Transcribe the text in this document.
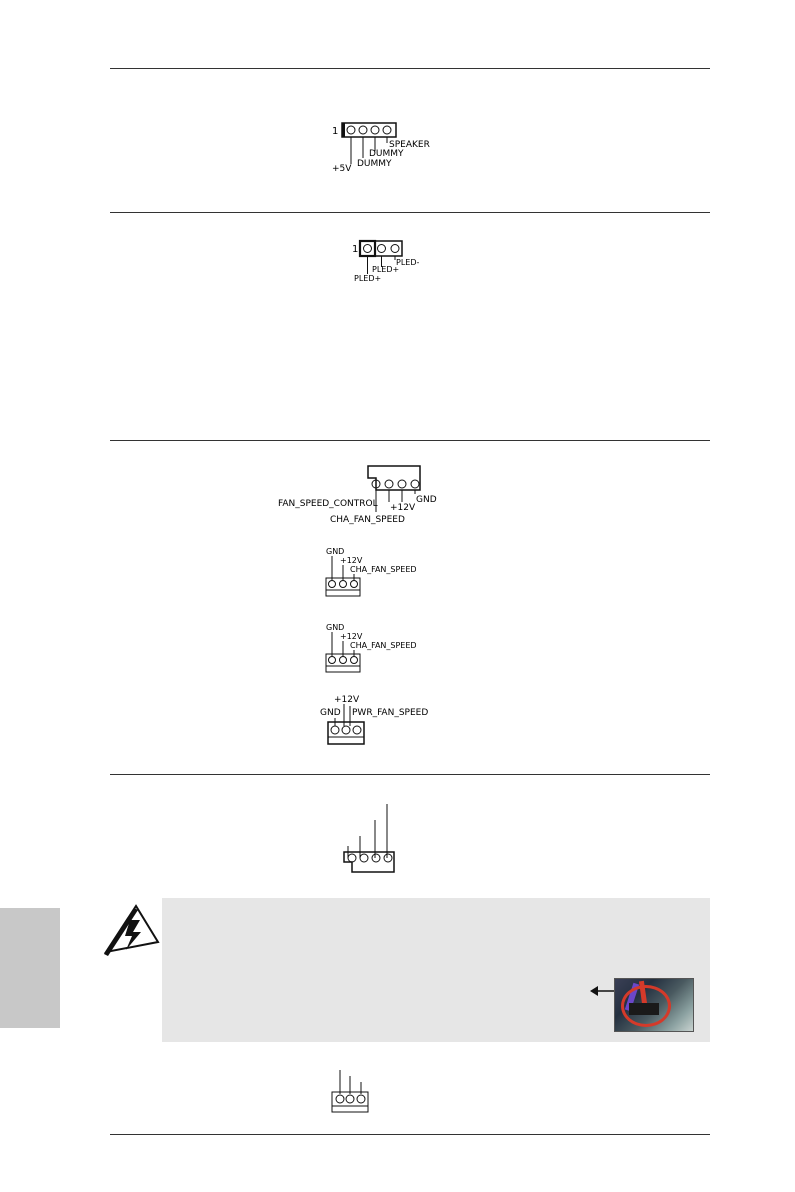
1
SPEAKER
DUMMY
DUMMY
+5V
1
PLED-
PLED+
PLED+
GND
+12V
FAN_SPEED_CONTROL
CHA_FAN_SPEED
GND
+12V
CHA_FAN_SPEED
GND
+12V
CHA_FAN_SPEED
+12V
GND PWR_FAN_SPEED
